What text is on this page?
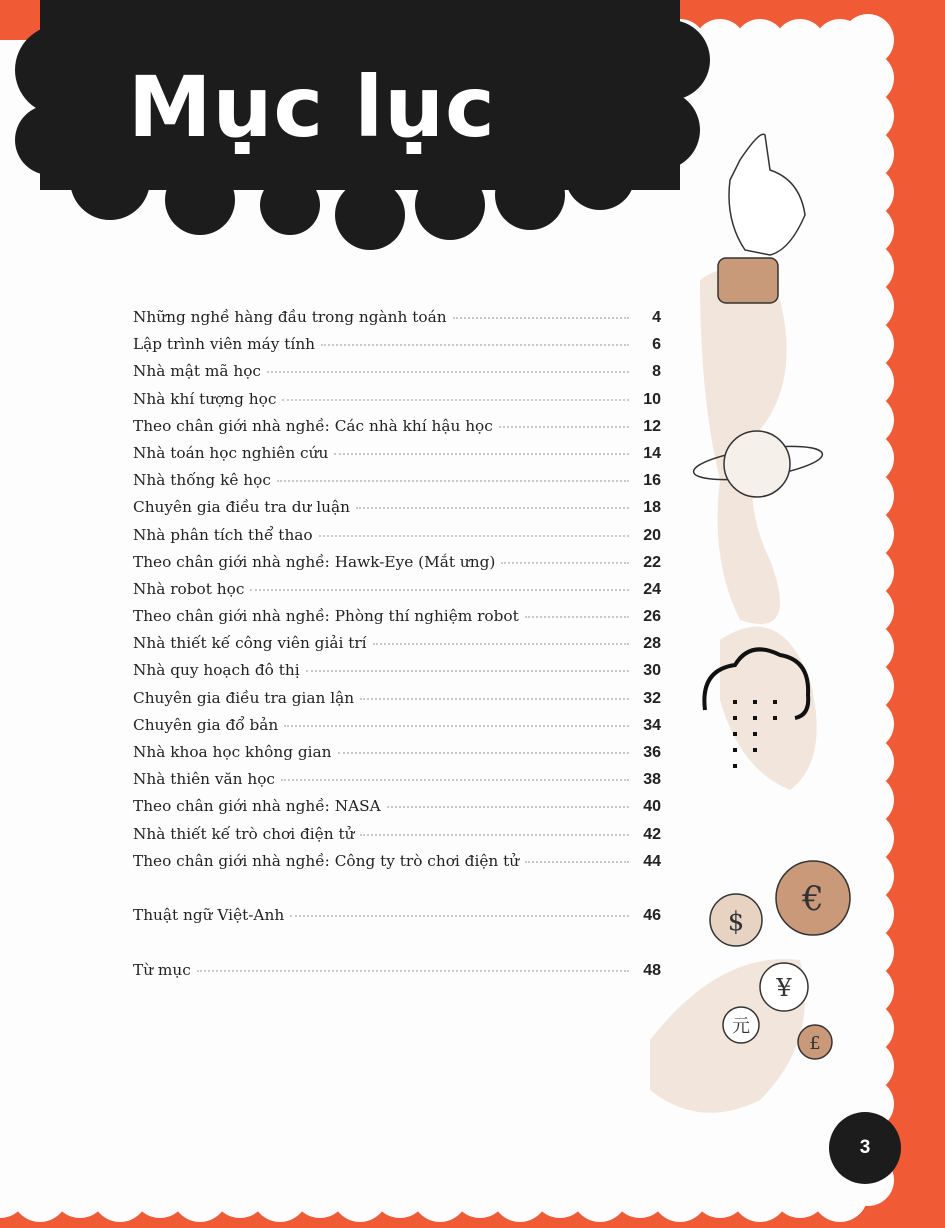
€
$
¥
元
£
Mục lục
Những nghề hàng đầu trong ngành toán	4
Lập trình viên máy tính	6
Nhà mật mã học	8
Nhà khí tượng học	10
Theo chân giới nhà nghề: Các nhà khí hậu học	12
Nhà toán học nghiên cứu	14
Nhà thống kê học	16
Chuyên gia điều tra dư luận	18
Nhà phân tích thể thao	20
Theo chân giới nhà nghề: Hawk-Eye (Mắt ưng)	22
Nhà robot học	24
Theo chân giới nhà nghề: Phòng thí nghiệm robot	26
Nhà thiết kế công viên giải trí	28
Nhà quy hoạch đô thị	30
Chuyên gia điều tra gian lận	32
Chuyên gia đổ bản	34
Nhà khoa học không gian	36
Nhà thiên văn học	38
Theo chân giới nhà nghề: NASA	40
Nhà thiết kế trò chơi điện tử	42
Theo chân giới nhà nghề: Công ty trò chơi điện tử	44
Thuật ngữ Việt-Anh	46
Từ mục	48
3
